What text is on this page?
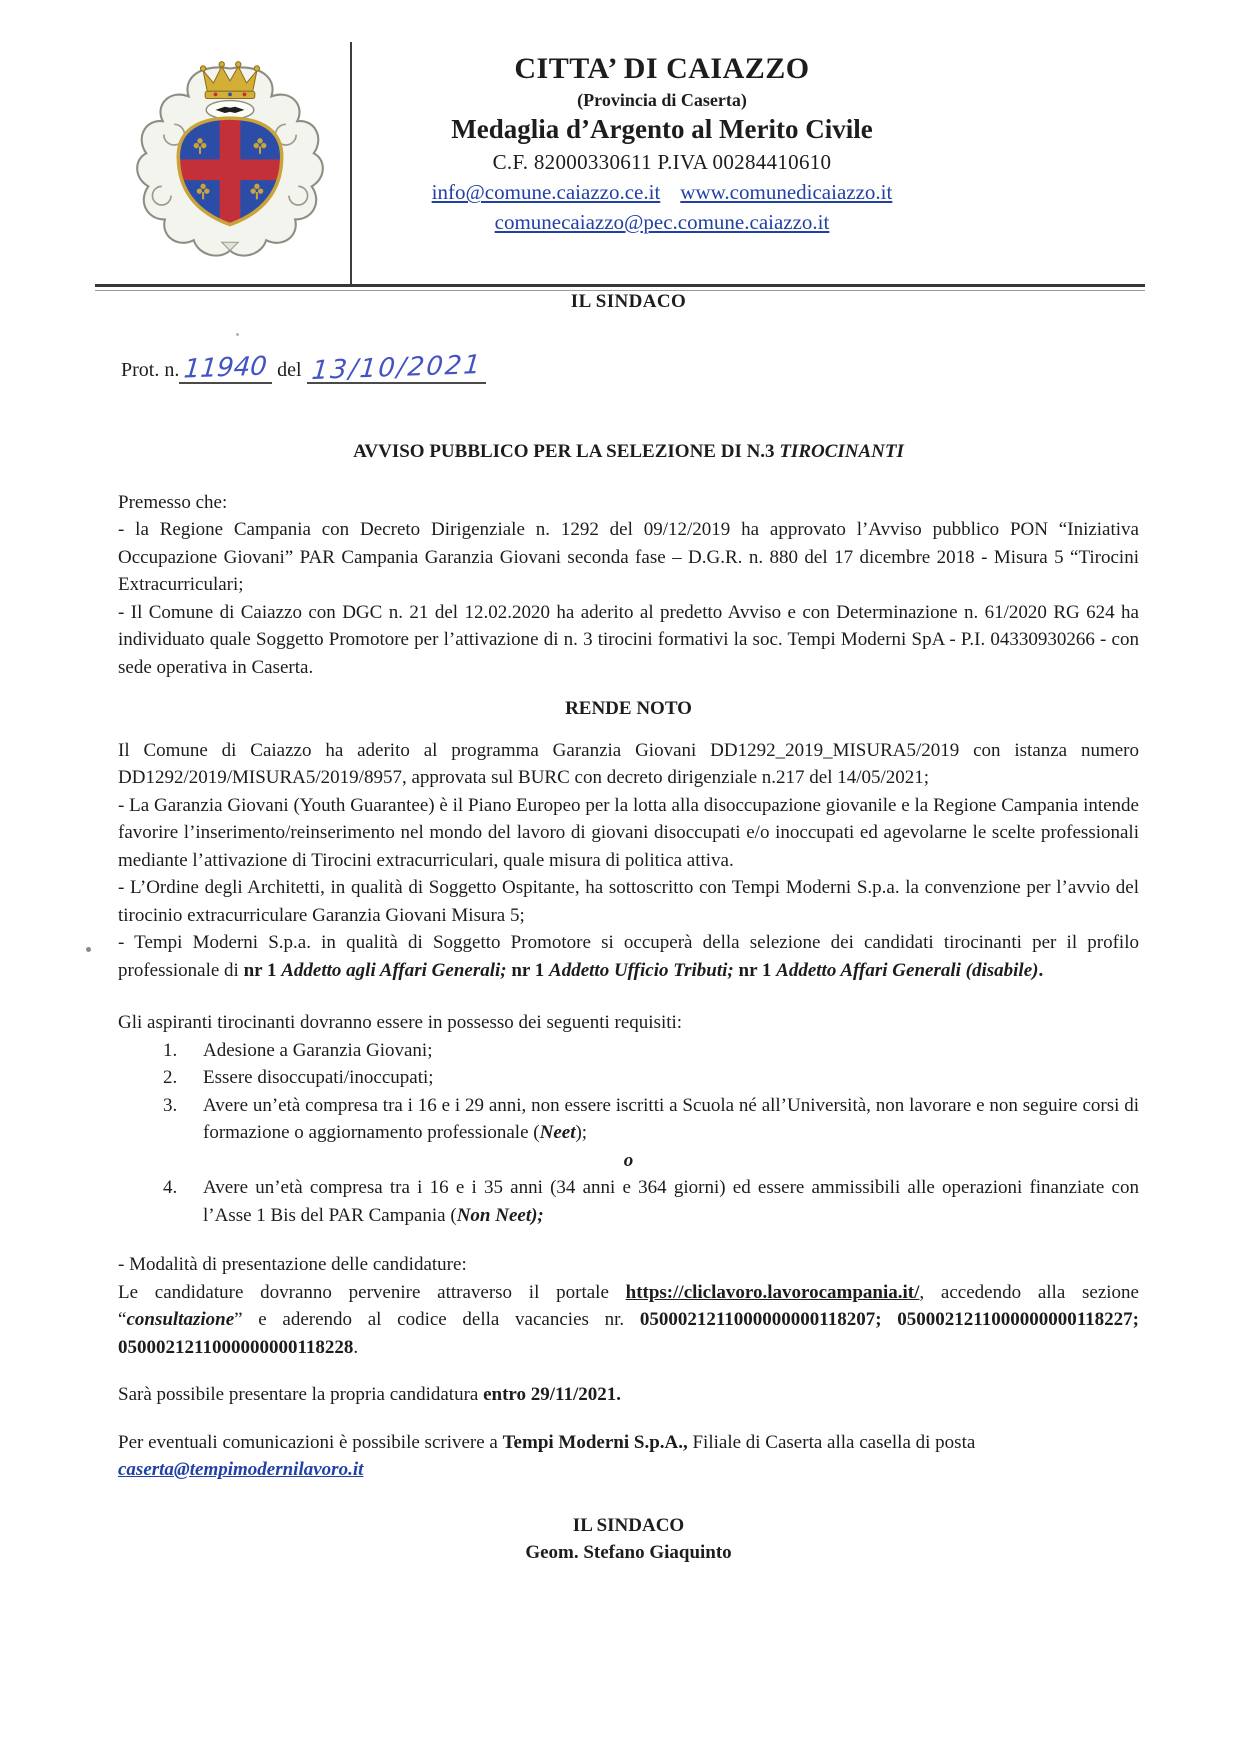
CITTA’ DI CAIAZZO
(Provincia di Caserta)
Medaglia d’Argento al Merito Civile
C.F. 82000330611 P.IVA 00284410610
info@comune.caiazzo.ce.it www.comunedicaiazzo.it
comunecaiazzo@pec.comune.caiazzo.it
IL SINDACO
Prot. n. 11940 del 13/10/2021
AVVISO PUBBLICO PER LA SELEZIONE DI N.3 TIROCINANTI
Premesso che:
- la Regione Campania con Decreto Dirigenziale n. 1292 del 09/12/2019 ha approvato l’Avviso pubblico PON “Iniziativa Occupazione Giovani” PAR Campania Garanzia Giovani seconda fase – D.G.R. n. 880 del 17 dicembre 2018 - Misura 5 “Tirocini Extracurriculari;
- Il Comune di Caiazzo con DGC n. 21 del 12.02.2020 ha aderito al predetto Avviso e con Determinazione n. 61/2020 RG 624 ha individuato quale Soggetto Promotore per l’attivazione di n. 3 tirocini formativi la soc. Tempi Moderni SpA - P.I. 04330930266 - con sede operativa in Caserta.
RENDE NOTO
Il Comune di Caiazzo ha aderito al programma Garanzia Giovani DD1292_2019_MISURA5/2019 con istanza numero DD1292/2019/MISURA5/2019/8957, approvata sul BURC con decreto dirigenziale n.217 del 14/05/2021;
- La Garanzia Giovani (Youth Guarantee) è il Piano Europeo per la lotta alla disoccupazione giovanile e la Regione Campania intende favorire l’inserimento/reinserimento nel mondo del lavoro di giovani disoccupati e/o inoccupati ed agevolarne le scelte professionali mediante l’attivazione di Tirocini extracurriculari, quale misura di politica attiva.
- L’Ordine degli Architetti, in qualità di Soggetto Ospitante, ha sottoscritto con Tempi Moderni S.p.a. la convenzione per l’avvio del tirocinio extracurriculare Garanzia Giovani Misura 5;
- Tempi Moderni S.p.a. in qualità di Soggetto Promotore si occuperà della selezione dei candidati tirocinanti per il profilo professionale di nr 1 Addetto agli Affari Generali; nr 1 Addetto Ufficio Tributi; nr 1 Addetto Affari Generali (disabile).
Gli aspiranti tirocinanti dovranno essere in possesso dei seguenti requisiti:
1. Adesione a Garanzia Giovani;
2. Essere disoccupati/inoccupati;
3. Avere un’età compresa tra i 16 e i 29 anni, non essere iscritti a Scuola né all’Università, non lavorare e non seguire corsi di formazione o aggiornamento professionale (Neet);
o
4. Avere un’età compresa tra i 16 e i 35 anni (34 anni e 364 giorni) ed essere ammissibili alle operazioni finanziate con l’Asse 1 Bis del PAR Campania (Non Neet);
- Modalità di presentazione delle candidature:
Le candidature dovranno pervenire attraverso il portale https://cliclavoro.lavorocampania.it/, accedendo alla sezione “consultazione” e aderendo al codice della vacancies nr. 0500021211000000000118207; 0500021211000000000118227; 0500021211000000000118228.
Sarà possibile presentare la propria candidatura entro 29/11/2021.
Per eventuali comunicazioni è possibile scrivere a Tempi Moderni S.p.A., Filiale di Caserta alla casella di posta
caserta@tempimodernilavoro.it
IL SINDACO
Geom. Stefano Giaquinto
